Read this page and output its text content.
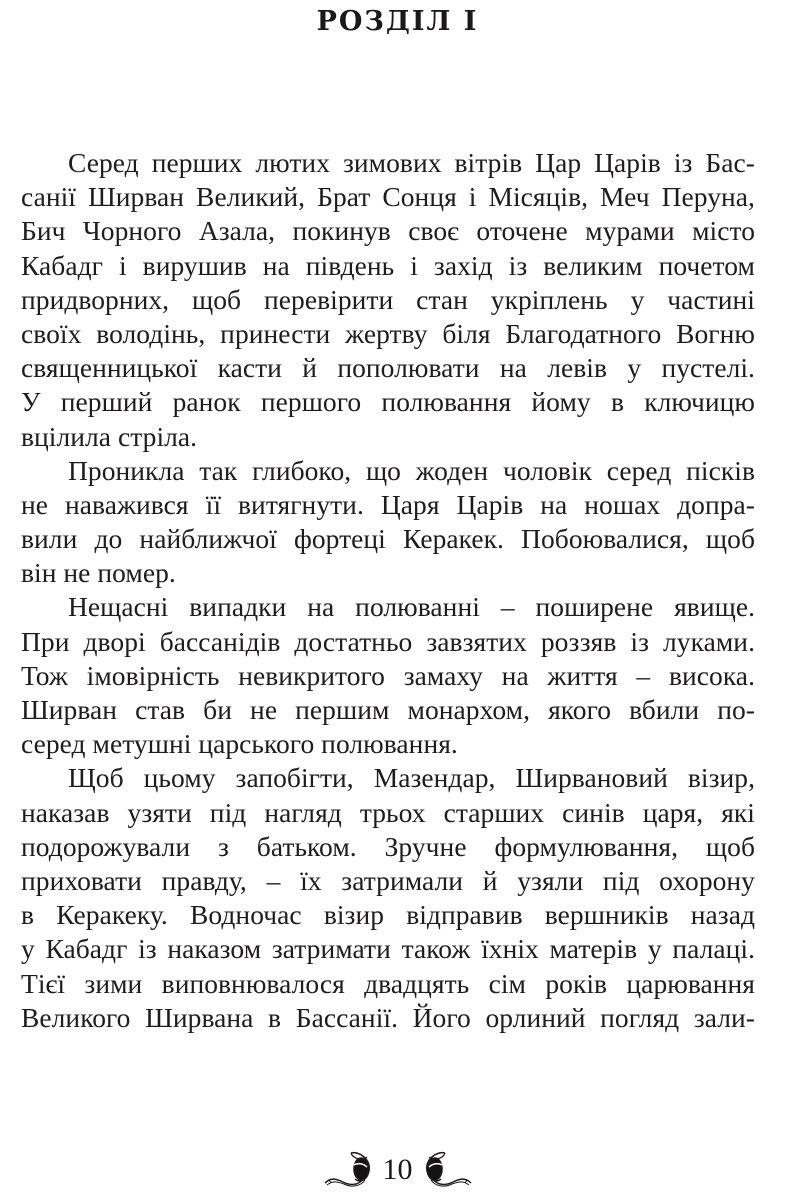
РОЗДІЛ I
Серед перших лютих зимових вітрів Цар Царів із Бас-
санії Ширван Великий, Брат Сонця і Місяців, Меч Перуна,
Бич Чорного Азала, покинув своє оточене мурами місто
Кабадг і вирушив на південь і захід із великим почетом
придворних, щоб перевірити стан укріплень у частині
своїх володінь, принести жертву біля Благодатного Вогню
священницької касти й пополювати на левів у пустелі.
У перший ранок першого полювання йому в ключицю
вцілила стріла.
Проникла так глибоко, що жоден чоловік серед пісків
не наважився її витягнути. Царя Царів на ношах допра-
вили до найближчої фортеці Керакек. Побоювалися, щоб
він не помер.
Нещасні випадки на полюванні – поширене явище.
При дворі бассанідів достатньо завзятих роззяв із луками.
Тож імовірність невикритого замаху на життя – висока.
Ширван став би не першим монархом, якого вбили по-
серед метушні царського полювання.
Щоб цьому запобігти, Мазендар, Ширвановий візир,
наказав узяти під нагляд трьох старших синів царя, які
подорожували з батьком. Зручне формулювання, щоб
приховати правду, – їх затримали й узяли під охорону
в Керакеку. Водночас візир відправив вершників назад
у Кабадг із наказом затримати також їхніх матерів у палаці.
Тієї зими виповнювалося двадцять сім років царювання
Великого Ширвана в Бассанії. Його орлиний погляд зали-
10
